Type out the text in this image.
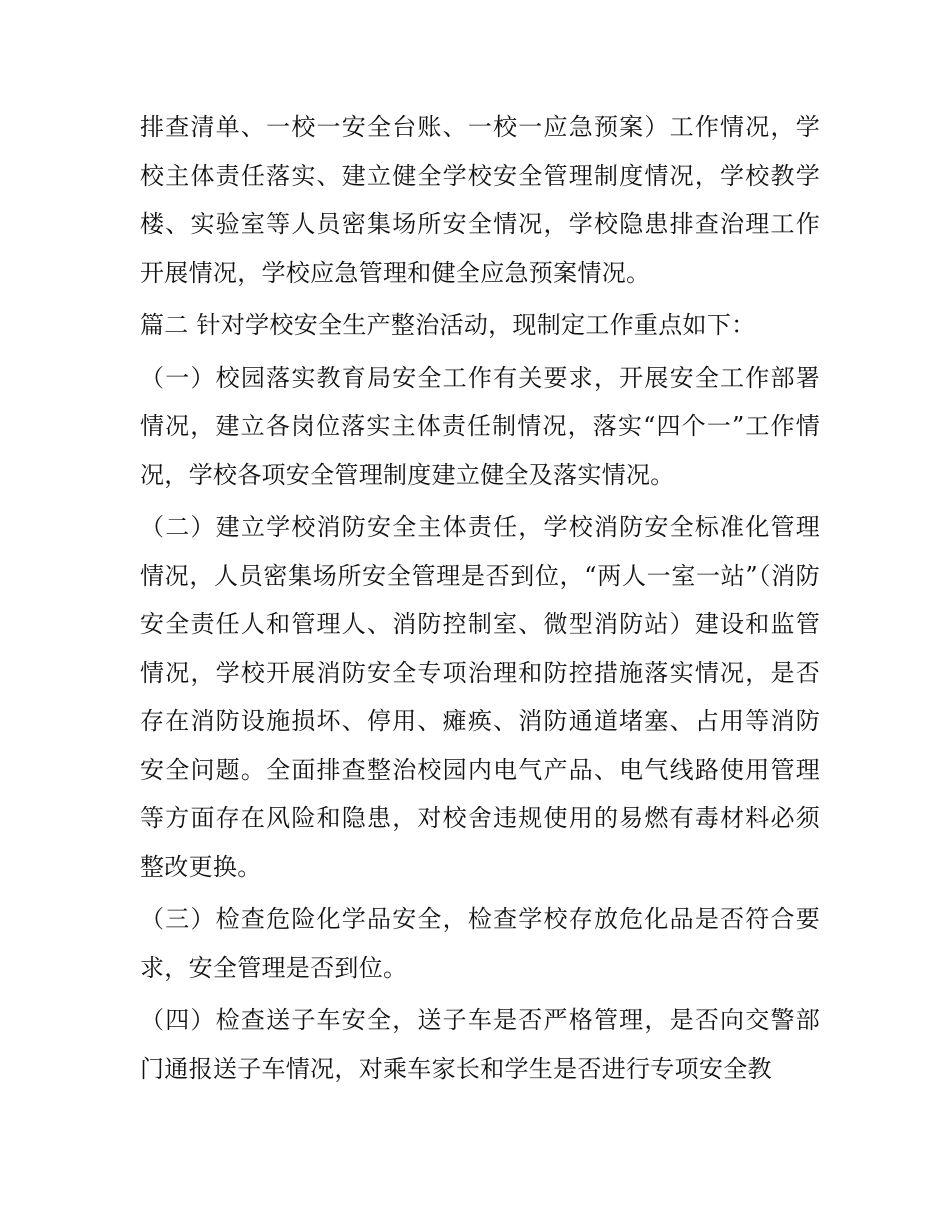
排查清单、一校一安全台账、一校一应急预案）工作情况，学校主体责任落实、建立健全学校安全管理制度情况，学校教学楼、实验室等人员密集场所安全情况，学校隐患排查治理工作开展情况，学校应急管理和健全应急预案情况。

篇二 针对学校安全生产整治活动，现制定工作重点如下：

（一）校园落实教育局安全工作有关要求，开展安全工作部署情况，建立各岗位落实主体责任制情况，落实“四个一”工作情况，学校各项安全管理制度建立健全及落实情况。

（二）建立学校消防安全主体责任，学校消防安全标准化管理情况，人员密集场所安全管理是否到位，“两人一室一站”（消防安全责任人和管理人、消防控制室、微型消防站）建设和监管情况，学校开展消防安全专项治理和防控措施落实情况，是否存在消防设施损坏、停用、瘫痪、消防通道堵塞、占用等消防安全问题。全面排查整治校园内电气产品、电气线路使用管理等方面存在风险和隐患，对校舍违规使用的易燃有毒材料必须整改更换。

（三）检查危险化学品安全，检查学校存放危化品是否符合要求，安全管理是否到位。

（四）检查送子车安全，送子车是否严格管理，是否向交警部门通报送子车情况，对乘车家长和学生是否进行专项安全教
